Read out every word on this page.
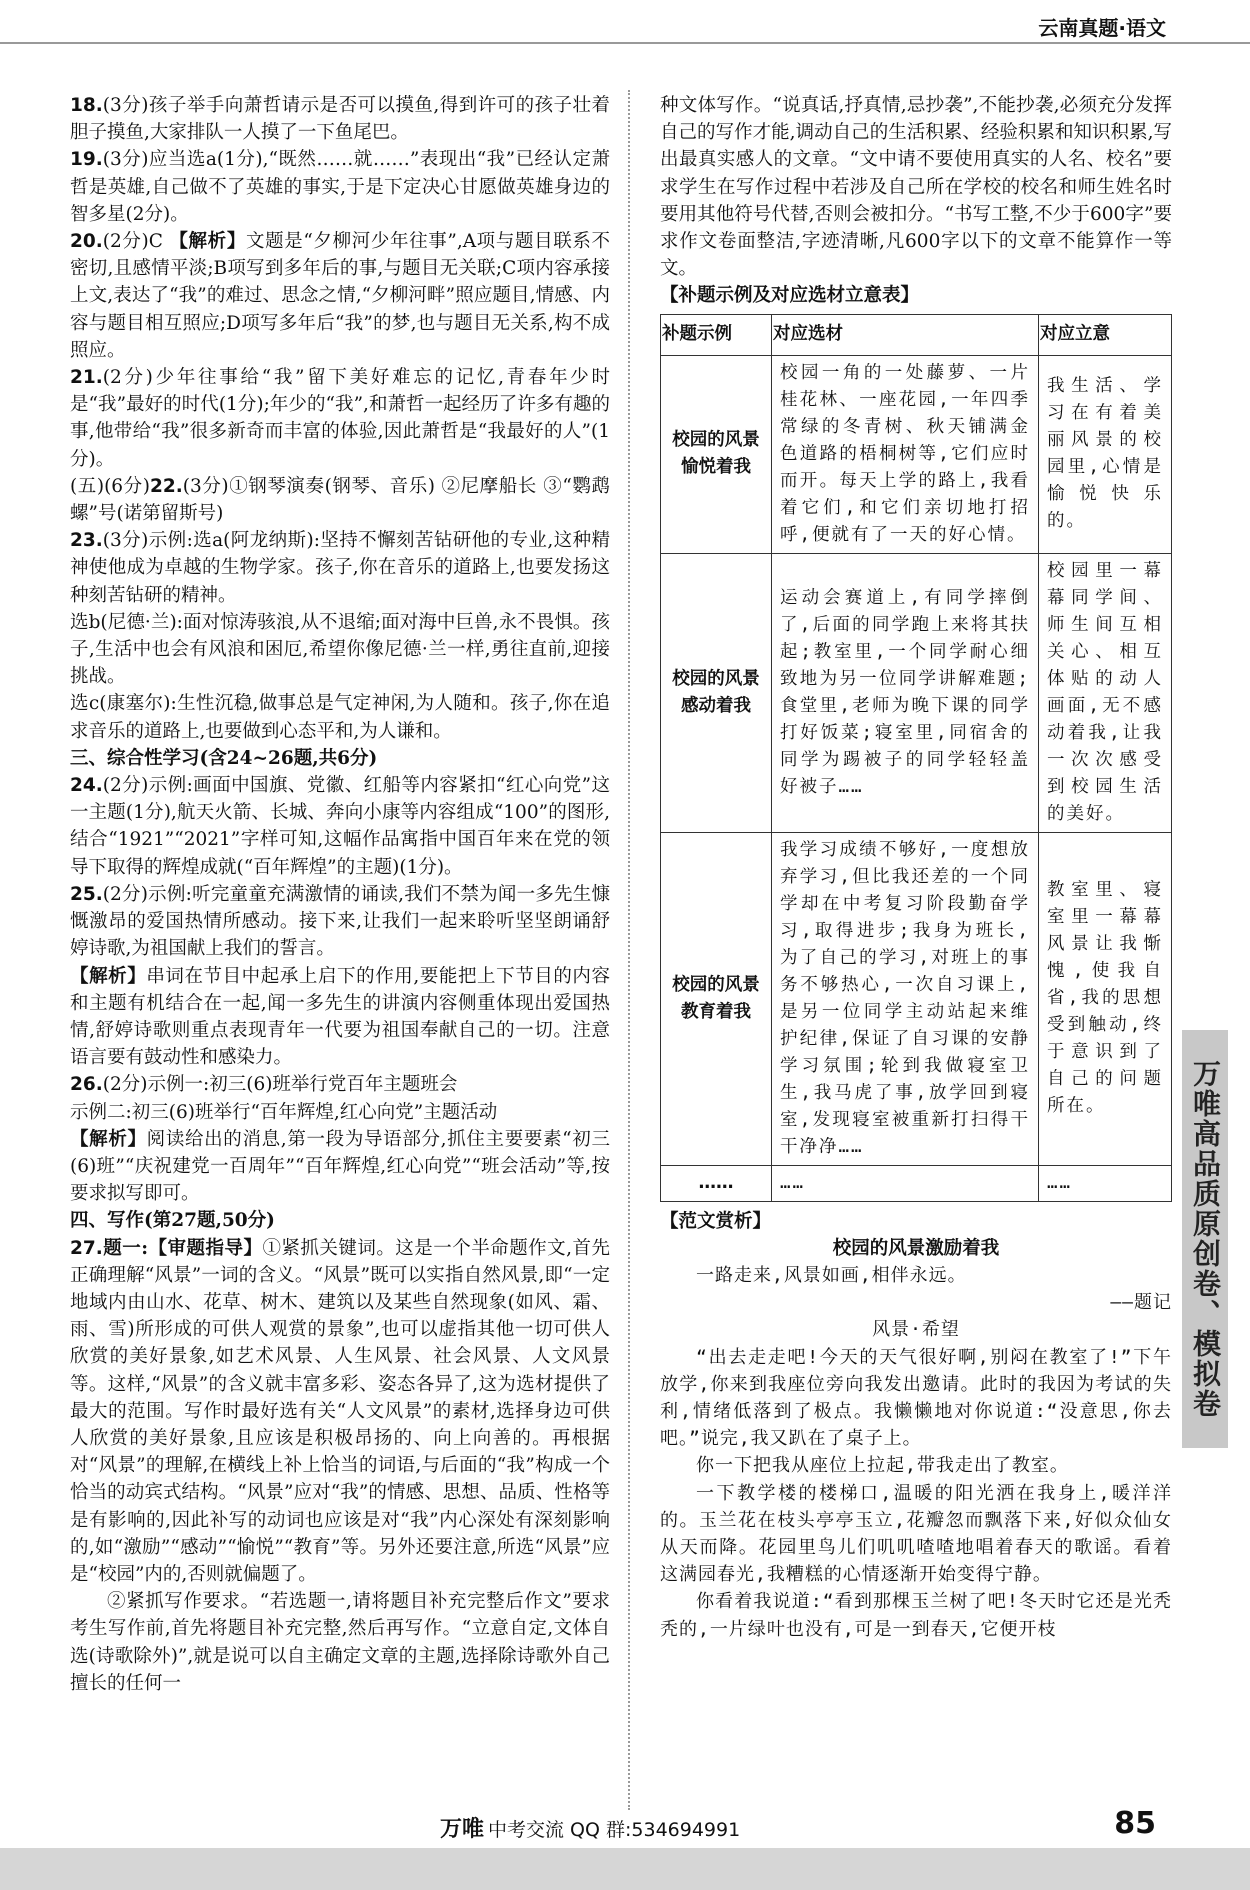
云南真题·语文

18.(3分)孩子举手向萧哲请示是否可以摸鱼,得到许可的孩子壮着胆子摸鱼,大家排队一人摸了一下鱼尾巴。

19.(3分)应当选a(1分),“既然……就……”表现出“我”已经认定萧哲是英雄,自己做不了英雄的事实,于是下定决心甘愿做英雄身边的智多星(2分)。

20.(2分)C 【解析】文题是“夕柳河少年往事”,A项与题目联系不密切,且感情平淡;B项写到多年后的事,与题目无关联;C项内容承接上文,表达了“我”的难过、思念之情,“夕柳河畔”照应题目,情感、内容与题目相互照应;D项写多年后“我”的梦,也与题目无关系,构不成照应。

21.(2分)少年往事给“我”留下美好难忘的记忆,青春年少时是“我”最好的时代(1分);年少的“我”,和萧哲一起经历了许多有趣的事,他带给“我”很多新奇而丰富的体验,因此萧哲是“我最好的人”(1分)。

(五)(6分)22.(3分)①钢琴演奏(钢琴、音乐) ②尼摩船长 ③“鹦鹉螺”号(诺第留斯号)

23.(3分)示例:选a(阿龙纳斯):坚持不懈刻苦钻研他的专业,这种精神使他成为卓越的生物学家。孩子,你在音乐的道路上,也要发扬这种刻苦钻研的精神。

选b(尼德·兰):面对惊涛骇浪,从不退缩;面对海中巨兽,永不畏惧。孩子,生活中也会有风浪和困厄,希望你像尼德·兰一样,勇往直前,迎接挑战。

选c(康塞尔):生性沉稳,做事总是气定神闲,为人随和。孩子,你在追求音乐的道路上,也要做到心态平和,为人谦和。

三、综合性学习(含24~26题,共6分)

24.(2分)示例:画面中国旗、党徽、红船等内容紧扣“红心向党”这一主题(1分),航天火箭、长城、奔向小康等内容组成“100”的图形,结合“1921”“2021”字样可知,这幅作品寓指中国百年来在党的领导下取得的辉煌成就(“百年辉煌”的主题)(1分)。

25.(2分)示例:听完童童充满激情的诵读,我们不禁为闻一多先生慷慨激昂的爱国热情所感动。接下来,让我们一起来聆听坚坚朗诵舒婷诗歌,为祖国献上我们的誓言。

【解析】串词在节目中起承上启下的作用,要能把上下节目的内容和主题有机结合在一起,闻一多先生的讲演内容侧重体现出爱国热情,舒婷诗歌则重点表现青年一代要为祖国奉献自己的一切。注意语言要有鼓动性和感染力。

26.(2分)示例一:初三(6)班举行党百年主题班会

示例二:初三(6)班举行“百年辉煌,红心向党”主题活动

【解析】阅读给出的消息,第一段为导语部分,抓住主要要素“初三(6)班”“庆祝建党一百周年”“百年辉煌,红心向党”“班会活动”等,按要求拟写即可。

四、写作(第27题,50分)

27.题一:【审题指导】①紧抓关键词。这是一个半命题作文,首先正确理解“风景”一词的含义。“风景”既可以实指自然风景,即“一定地域内由山水、花草、树木、建筑以及某些自然现象(如风、霜、雨、雪)所形成的可供人观赏的景象”,也可以虚指其他一切可供人欣赏的美好景象,如艺术风景、人生风景、社会风景、人文风景等。这样,“风景”的含义就丰富多彩、姿态各异了,这为选材提供了最大的范围。写作时最好选有关“人文风景”的素材,选择身边可供人欣赏的美好景象,且应该是积极昂扬的、向上向善的。再根据对“风景”的理解,在横线上补上恰当的词语,与后面的“我”构成一个恰当的动宾式结构。“风景”应对“我”的情感、思想、品质、性格等是有影响的,因此补写的动词也应该是对“我”内心深处有深刻影响的,如“激励”“感动”“愉悦”“教育”等。另外还要注意,所选“风景”应是“校园”内的,否则就偏题了。

②紧抓写作要求。“若选题一,请将题目补充完整后作文”要求考生写作前,首先将题目补充完整,然后再写作。“立意自定,文体自选(诗歌除外)”,就是说可以自主确定文章的主题,选择除诗歌外自己擅长的任何一

种文体写作。“说真话,抒真情,忌抄袭”,不能抄袭,必须充分发挥自己的写作才能,调动自己的生活积累、经验积累和知识积累,写出最真实感人的文章。“文中请不要使用真实的人名、校名”要求学生在写作过程中若涉及自己所在学校的校名和师生姓名时要用其他符号代替,否则会被扣分。“书写工整,不少于600字”要求作文卷面整洁,字迹清晰,凡600字以下的文章不能算作一等文。

【补题示例及对应选材立意表】

补题示例	对应选材	对应立意
校园的风景愉悦着我	校园一角的一处藤萝、一片桂花林、一座花园,一年四季常绿的冬青树、秋天铺满金色道路的梧桐树等,它们应时而开。每天上学的路上,我看着它们,和它们亲切地打招呼,便就有了一天的好心情。	我生活、学习在有着美丽风景的校园里,心情是愉悦快乐的。
校园的风景感动着我	运动会赛道上,有同学摔倒了,后面的同学跑上来将其扶起;教室里,一个同学耐心细致地为另一位同学讲解难题;食堂里,老师为晚下课的同学打好饭菜;寝室里,同宿舍的同学为踢被子的同学轻轻盖好被子……	校园里一幕幕同学间、师生间互相关心、相互体贴的动人画面,无不感动着我,让我一次次感受到校园生活的美好。
校园的风景教育着我	我学习成绩不够好,一度想放弃学习,但比我还差的一个同学却在中考复习阶段勤奋学习,取得进步;我身为班长,为了自己的学习,对班上的事务不够热心,一次自习课上,是另一位同学主动站起来维护纪律,保证了自习课的安静学习氛围;轮到我做寝室卫生,我马虎了事,放学回到寝室,发现寝室被重新打扫得干干净净……	教室里、寝室里一幕幕风景让我惭愧,使我自省,我的思想受到触动,终于意识到了自己的问题所在。
……	……	……

【范文赏析】

校园的风景激励着我

一路走来,风景如画,相伴永远。

——题记

风景·希望

“出去走走吧!今天的天气很好啊,别闷在教室了!”下午放学,你来到我座位旁向我发出邀请。此时的我因为考试的失利,情绪低落到了极点。我懒懒地对你说道:“没意思,你去吧。”说完,我又趴在了桌子上。

你一下把我从座位上拉起,带我走出了教室。

一下教学楼的楼梯口,温暖的阳光洒在我身上,暖洋洋的。玉兰花在枝头亭亭玉立,花瓣忽而飘落下来,好似众仙女从天而降。花园里鸟儿们叽叽喳喳地唱着春天的歌谣。看着这满园春光,我糟糕的心情逐渐开始变得宁静。

你看着我说道:“看到那棵玉兰树了吧!冬天时它还是光秃秃的,一片绿叶也没有,可是一到春天,它便开枝

万唯高品质原创卷、模拟卷
万唯 中考交流 QQ 群:534694991	85
